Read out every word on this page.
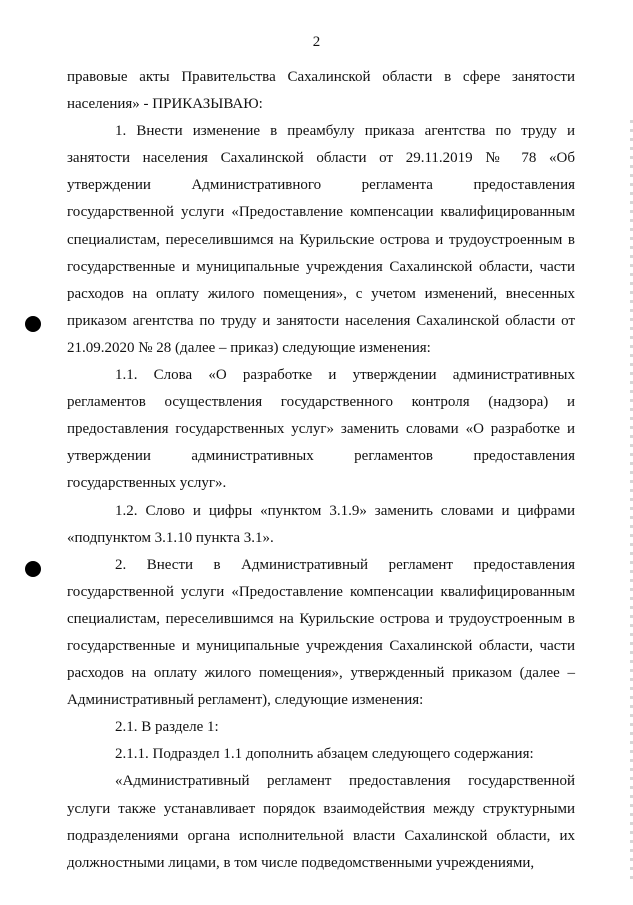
2

правовые акты Правительства Сахалинской области в сфере занятости населения» - ПРИКАЗЫВАЮ:

1. Внести изменение в преамбулу приказа агентства по труду и занятости населения Сахалинской области от 29.11.2019 № 78 «Об утверждении Административного регламента предоставления государственной услуги «Предоставление компенсации квалифицированным специалистам, переселившимся на Курильские острова и трудоустроенным в государственные и муниципальные учреждения Сахалинской области, части расходов на оплату жилого помещения», с учетом изменений, внесенных приказом агентства по труду и занятости населения Сахалинской области от 21.09.2020 № 28 (далее – приказ) следующие изменения:

1.1. Слова «О разработке и утверждении административных регламентов осуществления государственного контроля (надзора) и предоставления государственных услуг» заменить словами «О разработке и утверждении административных регламентов предоставления государственных услуг».

1.2. Слово и цифры «пунктом 3.1.9» заменить словами и цифрами «подпунктом 3.1.10 пункта 3.1».

2. Внести в Административный регламент предоставления государственной услуги «Предоставление компенсации квалифицированным специалистам, переселившимся на Курильские острова и трудоустроенным в государственные и муниципальные учреждения Сахалинской области, части расходов на оплату жилого помещения», утвержденный приказом (далее – Административный регламент), следующие изменения:

2.1. В разделе 1:

2.1.1. Подраздел 1.1 дополнить абзацем следующего содержания:

«Административный регламент предоставления государственной услуги также устанавливает порядок взаимодействия между структурными подразделениями органа исполнительной власти Сахалинской области, их должностными лицами, в том числе подведомственными учреждениями,
